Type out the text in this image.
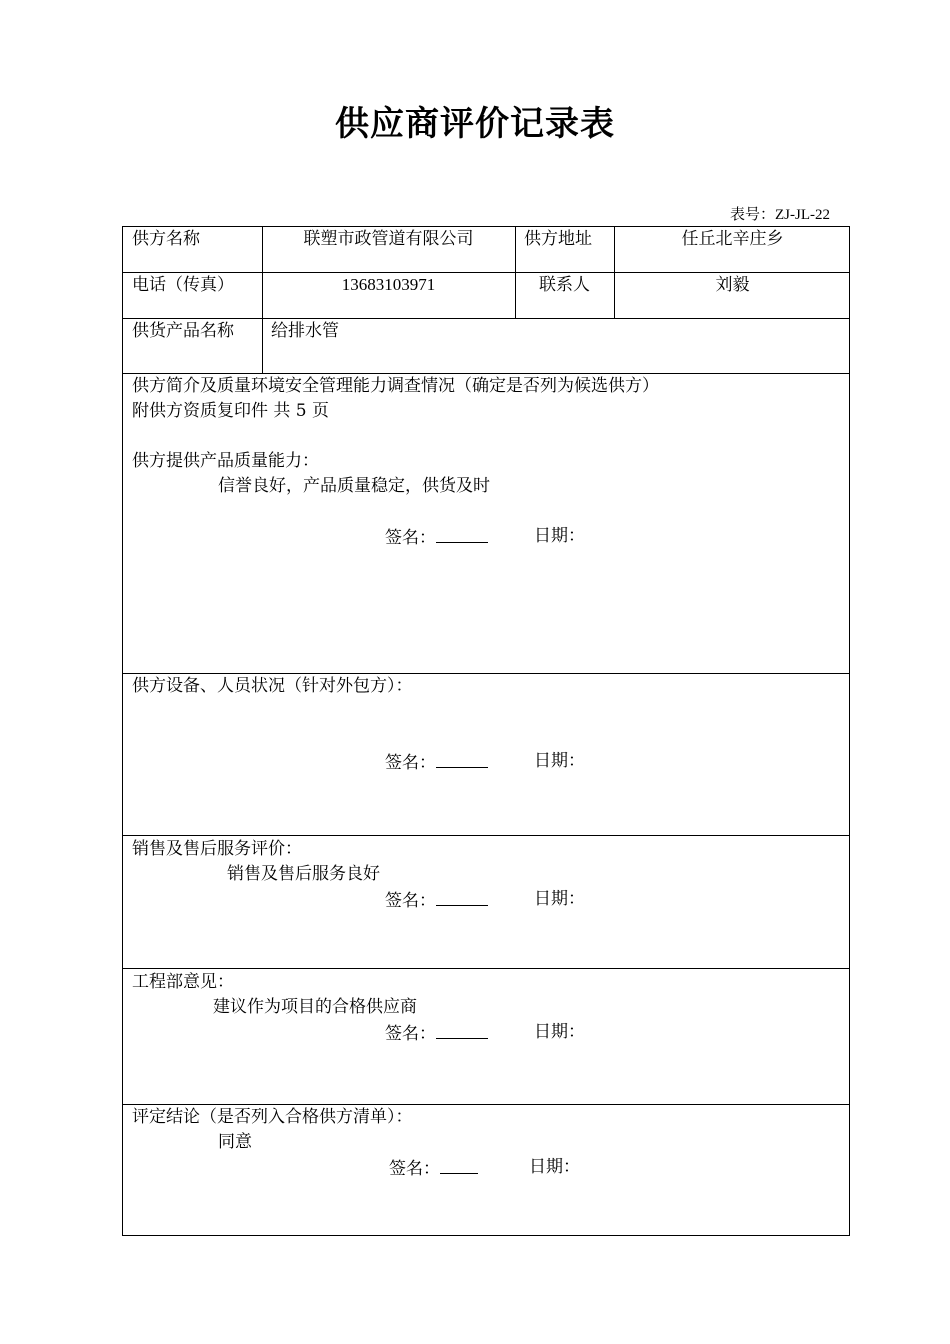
供应商评价记录表
表号：ZJ-JL-22
供方名称	联塑市政管道有限公司	供方地址	任丘北辛庄乡
电话（传真）	13683103971	联系人	刘毅
供货产品名称 给排水管
供方简介及质量环境安全管理能力调查情况（确定是否列为候选供方）
附供方资质复印件 共 5 页
供方提供产品质量能力：
信誉良好，产品质量稳定，供货及时
签名：	日期：
供方设备、人员状况（针对外包方）：
签名：	日期：
销售及售后服务评价：
销售及售后服务良好
签名：	日期：
工程部意见：
建议作为项目的合格供应商
签名：	日期：
评定结论（是否列入合格供方清单）：
同意
签名：	日期：
